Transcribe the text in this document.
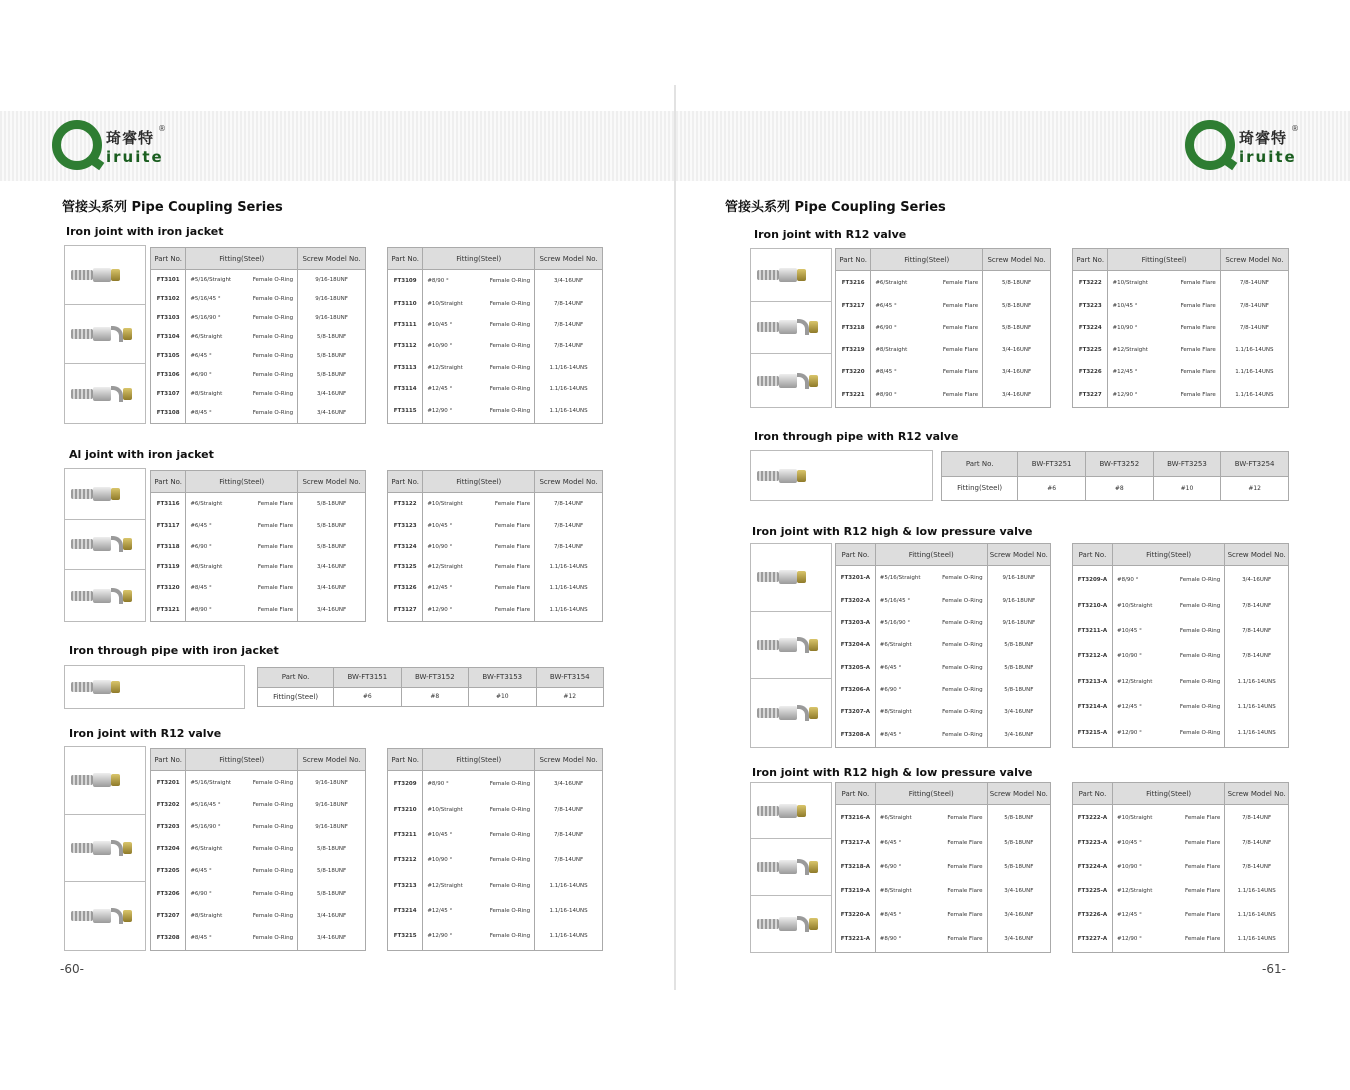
琦睿特
iruite
®
琦睿特
iruite
®
管接头系列 Pipe Coupling Series	管接头系列 Pipe Coupling Series
Iron joint with iron jacket
Al joint with iron jacket
Iron through pipe with iron jacket
Iron joint with R12 valve
Iron joint with R12 valve
Iron through pipe with R12 valve
Iron joint with R12 high & low pressure valve
Iron joint with R12 high & low pressure valve
-60-	-61-
Part No.	Fitting(Steel)	Screw Model No.
FT3101	#5/16/Straight Female O-Ring	9/16-18UNF
FT3102	#5/16/45 ° Female O-Ring	9/16-18UNF
FT3103	#5/16/90 ° Female O-Ring	9/16-18UNF
FT3104	#6/Straight Female O-Ring	5/8-18UNF
FT3105	#6/45 ° Female O-Ring	5/8-18UNF
FT3106	#6/90 ° Female O-Ring	5/8-18UNF
FT3107	#8/Straight Female O-Ring	3/4-16UNF
FT3108	#8/45 ° Female O-Ring	3/4-16UNF
Part No.	Fitting(Steel)	Screw Model No.
FT3109	#8/90 ° Female O-Ring	3/4-16UNF
FT3110	#10/Straight Female O-Ring	7/8-14UNF
FT3111	#10/45 ° Female O-Ring	7/8-14UNF
FT3112	#10/90 ° Female O-Ring	7/8-14UNF
FT3113	#12/Straight Female O-Ring	1.1/16-14UNS
FT3114	#12/45 ° Female O-Ring	1.1/16-14UNS
FT3115	#12/90 ° Female O-Ring	1.1/16-14UNS

Part No.	Fitting(Steel)	Screw Model No.
FT3116	#6/Straight Female Flare	5/8-18UNF
FT3117	#6/45 ° Female Flare	5/8-18UNF
FT3118	#6/90 ° Female Flare	5/8-18UNF
FT3119	#8/Straight Female Flare	3/4-16UNF
FT3120	#8/45 ° Female Flare	3/4-16UNF
FT3121	#8/90 ° Female Flare	3/4-16UNF
Part No.	Fitting(Steel)	Screw Model No.
FT3122	#10/Straight Female Flare	7/8-14UNF
FT3123	#10/45 ° Female Flare	7/8-14UNF
FT3124	#10/90 ° Female Flare	7/8-14UNF
FT3125	#12/Straight Female Flare	1.1/16-14UNS
FT3126	#12/45 ° Female Flare	1.1/16-14UNS
FT3127	#12/90 ° Female Flare	1.1/16-14UNS
Part No.	Fitting(Steel)	Screw Model No.
FT3201	#5/16/Straight Female O-Ring	9/16-18UNF
FT3202	#5/16/45 ° Female O-Ring	9/16-18UNF
FT3203	#5/16/90 ° Female O-Ring	9/16-18UNF
FT3204	#6/Straight Female O-Ring	5/8-18UNF
FT3205	#6/45 ° Female O-Ring	5/8-18UNF
FT3206	#6/90 ° Female O-Ring	5/8-18UNF
FT3207	#8/Straight Female O-Ring	3/4-16UNF
FT3208	#8/45 ° Female O-Ring	3/4-16UNF
Part No.	Fitting(Steel)	Screw Model No.
FT3209	#8/90 ° Female O-Ring	3/4-16UNF
FT3210	#10/Straight Female O-Ring	7/8-14UNF
FT3211	#10/45 ° Female O-Ring	7/8-14UNF
FT3212	#10/90 ° Female O-Ring	7/8-14UNF
FT3213	#12/Straight Female O-Ring	1.1/16-14UNS
FT3214	#12/45 ° Female O-Ring	1.1/16-14UNS
FT3215	#12/90 ° Female O-Ring	1.1/16-14UNS

Part No.	Fitting(Steel)	Screw Model No.
FT3216	#6/Straight Female Flare	5/8-18UNF
FT3217	#6/45 ° Female Flare	5/8-18UNF
FT3218	#6/90 ° Female Flare	5/8-18UNF
FT3219	#8/Straight Female Flare	3/4-16UNF
FT3220	#8/45 ° Female Flare	3/4-16UNF
FT3221	#8/90 ° Female Flare	3/4-16UNF
Part No.	Fitting(Steel)	Screw Model No.
FT3222	#10/Straight Female Flare	7/8-14UNF
FT3223	#10/45 ° Female Flare	7/8-14UNF
FT3224	#10/90 ° Female Flare	7/8-14UNF
FT3225	#12/Straight Female Flare	1.1/16-14UNS
FT3226	#12/45 ° Female Flare	1.1/16-14UNS
FT3227	#12/90 ° Female Flare	1.1/16-14UNS
Part No.	Fitting(Steel)	Screw Model No.
FT3201-A	#5/16/Straight Female O-Ring	9/16-18UNF
FT3202-A	#5/16/45 ° Female O-Ring	9/16-18UNF
FT3203-A	#5/16/90 ° Female O-Ring	9/16-18UNF
FT3204-A	#6/Straight Female O-Ring	5/8-18UNF
FT3205-A	#6/45 ° Female O-Ring	5/8-18UNF
FT3206-A	#6/90 ° Female O-Ring	5/8-18UNF
FT3207-A	#8/Straight Female O-Ring	3/4-16UNF
FT3208-A	#8/45 ° Female O-Ring	3/4-16UNF
Part No.	Fitting(Steel)	Screw Model No.
FT3209-A	#8/90 ° Female O-Ring	3/4-16UNF
FT3210-A	#10/Straight Female O-Ring	7/8-14UNF
FT3211-A	#10/45 ° Female O-Ring	7/8-14UNF
FT3212-A	#10/90 ° Female O-Ring	7/8-14UNF
FT3213-A	#12/Straight Female O-Ring	1.1/16-14UNS
FT3214-A	#12/45 ° Female O-Ring	1.1/16-14UNS
FT3215-A	#12/90 ° Female O-Ring	1.1/16-14UNS

Part No.	Fitting(Steel)	Screw Model No.
FT3216-A	#6/Straight Female Flare	5/8-18UNF
FT3217-A	#6/45 ° Female Flare	5/8-18UNF
FT3218-A	#6/90 ° Female Flare	5/8-18UNF
FT3219-A	#8/Straight Female Flare	3/4-16UNF
FT3220-A	#8/45 ° Female Flare	3/4-16UNF
FT3221-A	#8/90 ° Female Flare	3/4-16UNF
Part No.	Fitting(Steel)	Screw Model No.
FT3222-A	#10/Straight Female Flare	7/8-14UNF
FT3223-A	#10/45 ° Female Flare	7/8-14UNF
FT3224-A	#10/90 ° Female Flare	7/8-14UNF
FT3225-A	#12/Straight Female Flare	1.1/16-14UNS
FT3226-A	#12/45 ° Female Flare	1.1/16-14UNS
FT3227-A	#12/90 ° Female Flare	1.1/16-14UNS
Part No.	BW-FT3151	BW-FT3152	BW-FT3153	BW-FT3154
Fitting(Steel)	#6	#8	#10	#12
Part No.	BW-FT3251	BW-FT3252	BW-FT3253	BW-FT3254
Fitting(Steel)	#6	#8	#10	#12
